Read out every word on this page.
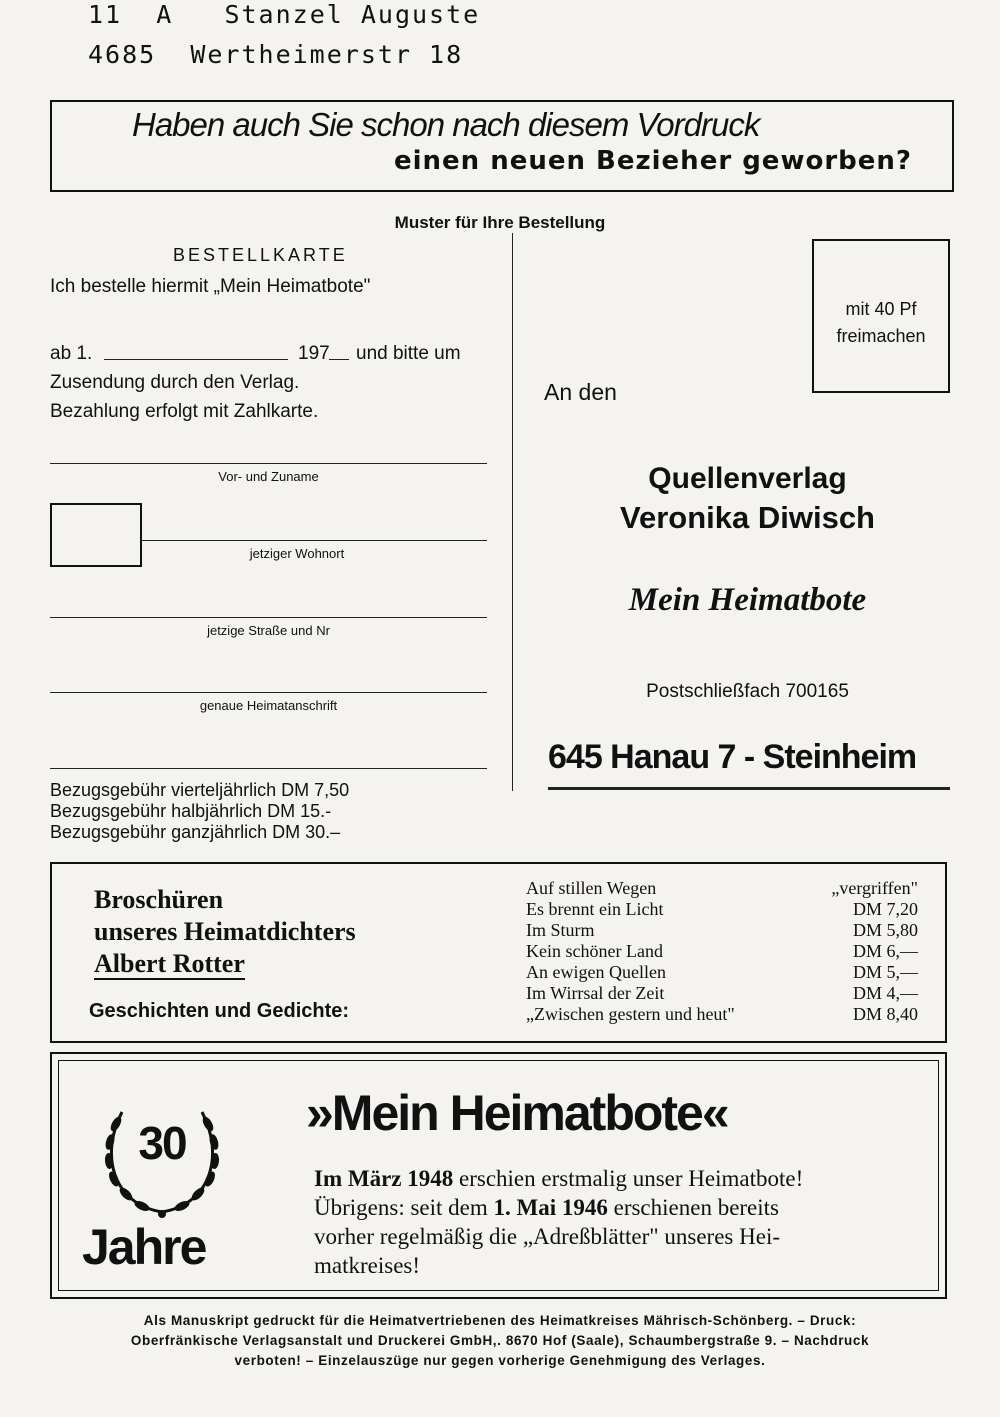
11 A Stanzel Auguste
4685 Wertheimerstr 18
Haben auch Sie schon nach diesem Vordruck
einen neuen Bezieher geworben?
Muster für Ihre Bestellung
BESTELLKARTE
Ich bestelle hiermit „Mein Heimatbote"
ab 1.	197 und bitte um
Zusendung durch den Verlag.
Bezahlung erfolgt mit Zahlkarte.
Vor- und Zuname
jetziger Wohnort
jetzige Straße und Nr
genaue Heimatanschrift
Bezugsgebühr vierteljährlich DM 7,50
Bezugsgebühr halbjährlich DM 15.-
Bezugsgebühr ganzjährlich DM 30.–
mit 40 Pf
freimachen
An den
Quellenverlag
Veronika Diwisch
Mein Heimatbote
Postschließfach 700165
645 Hanau 7 - Steinheim
Broschüren
unseres Heimatdichters
Albert Rotter
Geschichten und Gedichte:
Auf stillen Wegen	„vergriffen"
Es brennt ein Licht	DM 7,20
Im Sturm	DM 5,80
Kein schöner Land	DM 6,—
An ewigen Quellen	DM 5,—
Im Wirrsal der Zeit	DM 4,—
„Zwischen gestern und heut"	DM 8,40
30
Jahre
»Mein Heimatbote«
Im März 1948 erschien erstmalig unser Heimatbote!
Übrigens: seit dem 1. Mai 1946 erschienen bereits
vorher regelmäßig die „Adreßblätter" unseres Hei-
matkreises!
Als Manuskript gedruckt für die Heimatvertriebenen des Heimatkreises Mährisch-Schönberg. – Druck:
Oberfränkische Verlagsanstalt und Druckerei GmbH,. 8670 Hof (Saale), Schaumbergstraße 9. – Nachdruck
verboten! – Einzelauszüge nur gegen vorherige Genehmigung des Verlages.
